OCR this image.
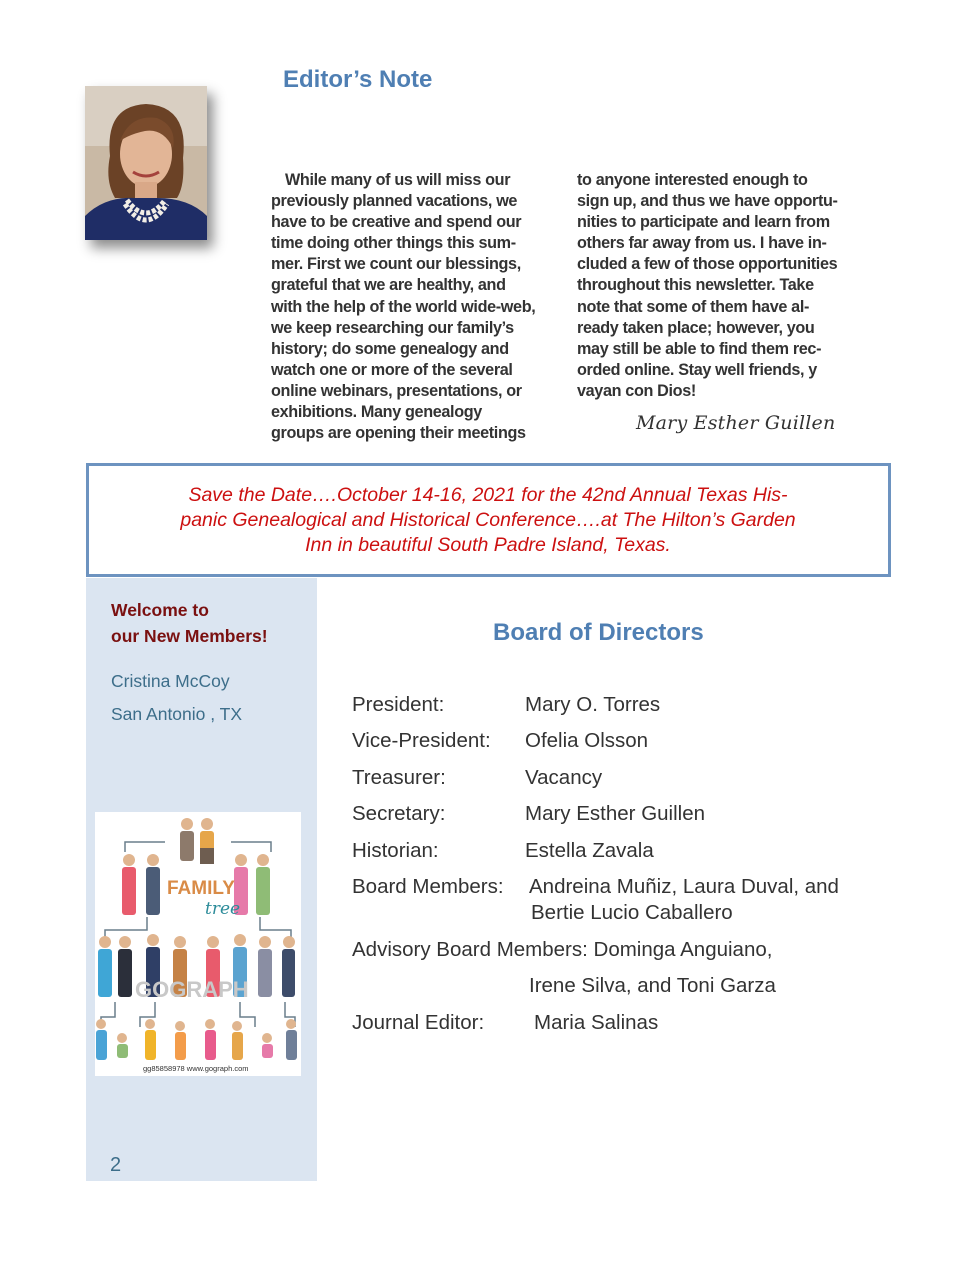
Editor’s Note

While many of us will miss our

previously planned vacations, we

have to be creative and spend our

time doing other things this sum-

mer. First we count our blessings,

grateful that we are healthy, and

with the help of the world wide-web,

we keep researching our family’s

history; do some genealogy and

watch one or more of the several

online webinars, presentations, or

exhibitions. Many genealogy

groups are opening their meetings

to anyone interested enough to

sign up, and thus we have opportu-

nities to participate and learn from

others far away from us. I have in-

cluded a few of those opportunities

throughout this newsletter. Take

note that some of them have al-

ready taken place; however, you

may still be able to find them rec-

orded online. Stay well friends, y

vayan con Dios!

Mary Esther Guillen

Save the Date….October 14-16, 2021 for the 42nd Annual Texas His-

panic Genealogical and Historical Conference….at The Hilton’s Garden

Inn in beautiful South Padre Island, Texas.

Welcome to

our New Members!

Cristina McCoy
San Antonio , TX
FAMILY
tree
GOGRAPH
gg85858978 www.gograph.com
2
Board of Directors
President:	Mary O. Torres
Vice-President: Ofelia Olsson
Treasurer:	Vacancy
Secretary:	Mary Esther Guillen
Historian:	Estella Zavala
Board Members: Andreina Muñiz, Laura Duval, and
Bertie Lucio Caballero
Advisory Board Members: Dominga Anguiano,
Irene Silva, and Toni Garza
Journal Editor: Maria Salinas
